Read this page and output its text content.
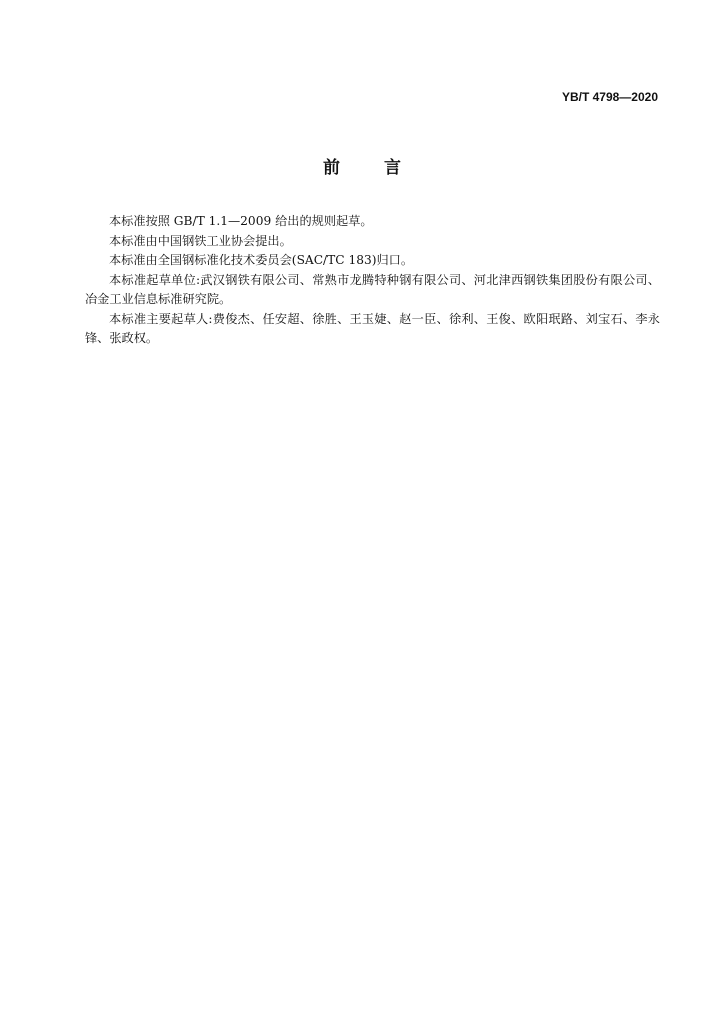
YB/T 4798—2020
前	言

本标准按照 GB/T 1.1—2009 给出的规则起草。

本标准由中国钢铁工业协会提出。

本标准由全国钢标准化技术委员会(SAC/TC 183)归口。

本标准起草单位:武汉钢铁有限公司、常熟市龙腾特种钢有限公司、河北津西钢铁集团股份有限公司、冶金工业信息标准研究院。

本标准主要起草人:费俊杰、任安超、徐胜、王玉婕、赵一臣、徐利、王俊、欧阳珉路、刘宝石、李永锋、张政权。
